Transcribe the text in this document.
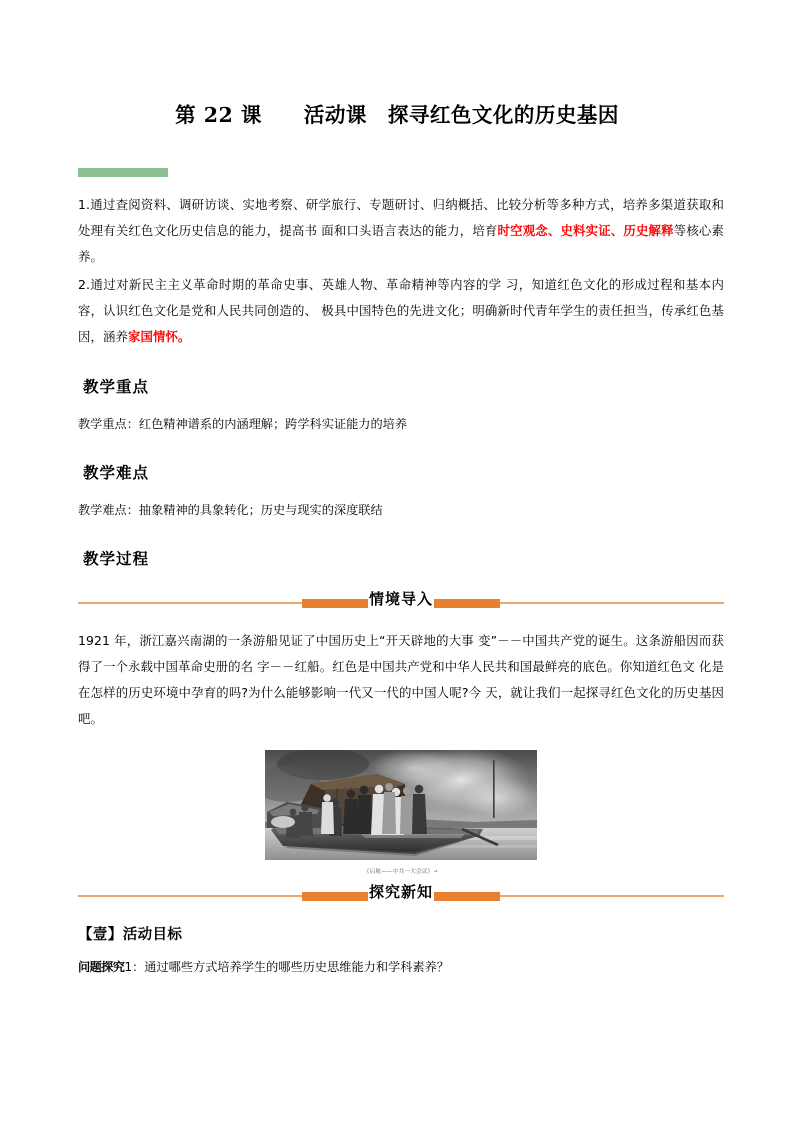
第 22 课　　活动课　探寻红色文化的历史基因

1.通过查阅资料、调研访谈、实地考察、研学旅行、专题研讨、归纳概括、比较分析等多种方式，培养多渠道获取和处理有关红色文化历史信息的能力，提高书 面和口头语言表达的能力，培育时空观念、史料实证、历史解释等核心素养。

2.通过对新民主主义革命时期的革命史事、英雄人物、革命精神等内容的学 习，知道红色文化的形成过程和基本内容，认识红色文化是党和人民共同创造的、 极具中国特色的先进文化；明确新时代青年学生的责任担当，传承红色基因，涵养家国情怀。

教学重点

教学重点：红色精神谱系的内涵理解；跨学科实证能力的培养

教学难点

教学难点：抽象精神的具象转化；历史与现实的深度联结

教学过程
情境导入

1921 年，浙江嘉兴南湖的一条游船见证了中国历史上“开天辟地的大事 变”－－中国共产党的诞生。这条游船因而获得了一个永载中国革命史册的名 字－－红船。红色是中国共产党和中华人民共和国最鲜亮的底色。你知道红色文 化是在怎样的历史环境中孕育的吗?为什么能够影响一代又一代的中国人呢?今 天，就让我们一起探寻红色文化的历史基因吧。

《启航——中共一大会议》↵
探究新知
【壹】活动目标
问题探究1：通过哪些方式培养学生的哪些历史思维能力和学科素养？
